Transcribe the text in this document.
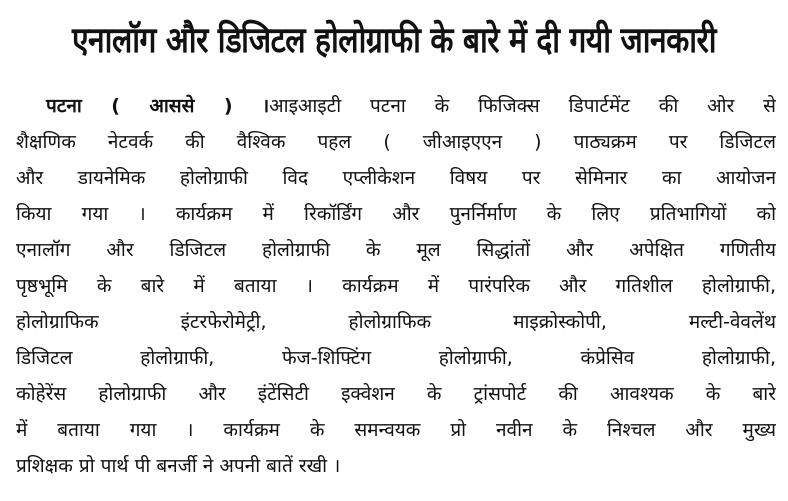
एनालॉग और डिजिटल होलोग्राफी के बारे में दी गयी जानकारी
पटना ( आससे ) ।आइआइटी पटना के फिजिक्स डिपार्टमेंट की ओर से
शैक्षणिक नेटवर्क की वैश्विक पहल ( जीआइएएन ) पाठ्यक्रम पर डिजिटल
और डायनेमिक होलोग्राफी विद एप्लीकेशन विषय पर सेमिनार का आयोजन
किया गया । कार्यक्रम में रिकॉर्डिंग और पुनर्निर्माण के लिए प्रतिभागियों को
एनालॉग और डिजिटल होलोग्राफी के मूल सिद्धांतों और अपेक्षित गणितीय
पृष्ठभूमि के बारे में बताया । कार्यक्रम में पारंपरिक और गतिशील होलोग्राफी,
होलोग्राफिक इंटरफेरोमेट्री, होलोग्राफिक माइक्रोस्कोपी, मल्टी-वेवलेंथ
डिजिटल होलोग्राफी, फेज-शिफ्टिंग होलोग्राफी, कंप्रेसिव होलोग्राफी,
कोहेरेंस होलोग्राफी और इंटेंसिटी इक्वेशन के ट्रांसपोर्ट की आवश्यक के बारे
में बताया गया । कार्यक्रम के समन्वयक प्रो नवीन के निश्चल और मुख्य
प्रशिक्षक प्रो पार्थ पी बनर्जी ने अपनी बातें रखी ।
